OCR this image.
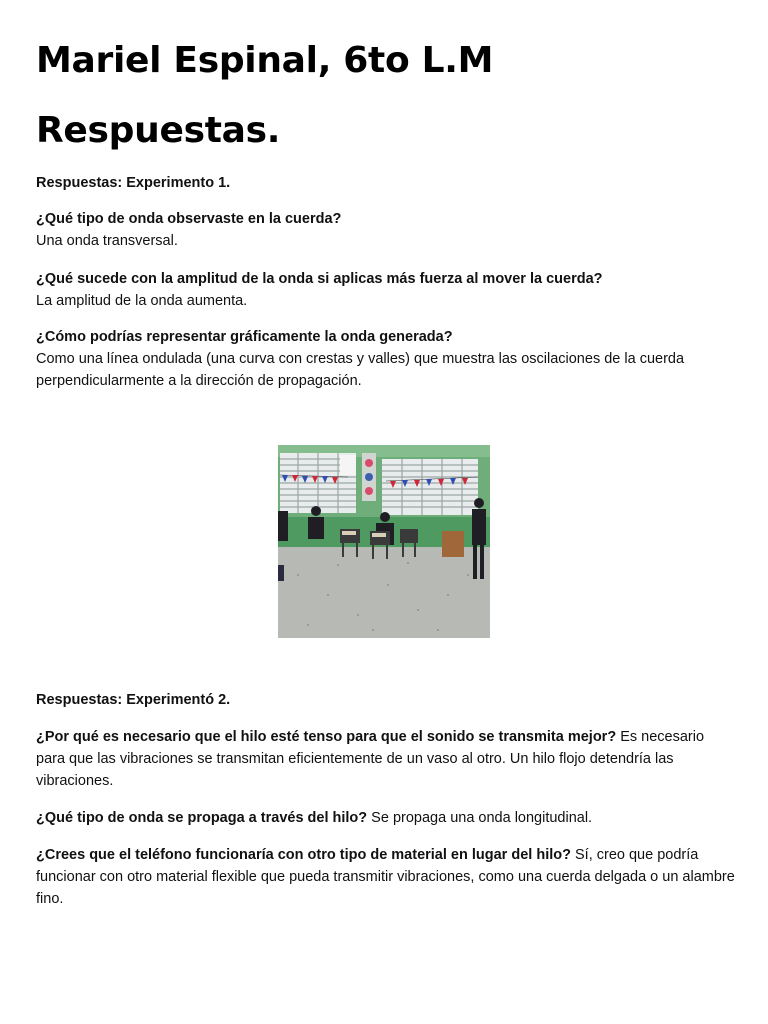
Mariel Espinal, 6to L.M
Respuestas.
Respuestas: Experimento 1.
¿Qué tipo de onda observaste en la cuerda?
Una onda transversal.
¿Qué sucede con la amplitud de la onda si aplicas más fuerza al mover la cuerda?
La amplitud de la onda aumenta.
¿Cómo podrías representar gráficamente la onda generada?
Como una línea ondulada (una curva con crestas y valles) que muestra las oscilaciones de la cuerda perpendicularmente a la dirección de propagación.
Respuestas: Experimentó 2.
¿Por qué es necesario que el hilo esté tenso para que el sonido se transmita mejor? Es necesario para que las vibraciones se transmitan eficientemente de un vaso al otro. Un hilo flojo detendría las vibraciones.
¿Qué tipo de onda se propaga a través del hilo? Se propaga una onda longitudinal.
¿Crees que el teléfono funcionaría con otro tipo de material en lugar del hilo? Sí, creo que podría funcionar con otro material flexible que pueda transmitir vibraciones, como una cuerda delgada o un alambre fino.
